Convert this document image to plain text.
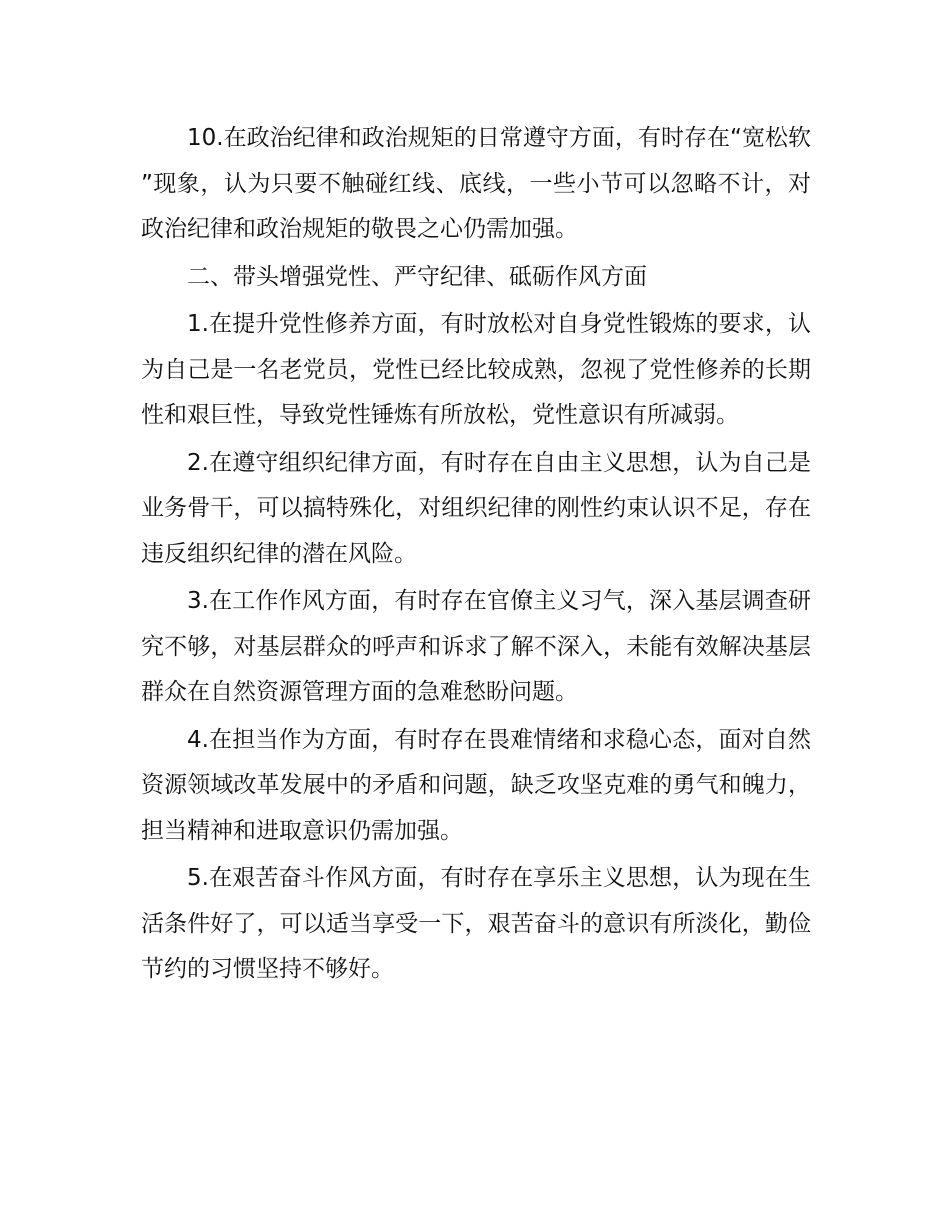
10.在政治纪律和政治规矩的日常遵守方面，有时存在“宽松软”现象，认为只要不触碰红线、底线，一些小节可以忽略不计，对政治纪律和政治规矩的敬畏之心仍需加强。

二、带头增强党性、严守纪律、砥砺作风方面

1.在提升党性修养方面，有时放松对自身党性锻炼的要求，认为自己是一名老党员，党性已经比较成熟，忽视了党性修养的长期性和艰巨性，导致党性锤炼有所放松，党性意识有所减弱。

2.在遵守组织纪律方面，有时存在自由主义思想，认为自己是业务骨干，可以搞特殊化，对组织纪律的刚性约束认识不足，存在违反组织纪律的潜在风险。

3.在工作作风方面，有时存在官僚主义习气，深入基层调查研究不够，对基层群众的呼声和诉求了解不深入，未能有效解决基层群众在自然资源管理方面的急难愁盼问题。

4.在担当作为方面，有时存在畏难情绪和求稳心态，面对自然资源领域改革发展中的矛盾和问题，缺乏攻坚克难的勇气和魄力，担当精神和进取意识仍需加强。

5.在艰苦奋斗作风方面，有时存在享乐主义思想，认为现在生活条件好了，可以适当享受一下，艰苦奋斗的意识有所淡化，勤俭节约的习惯坚持不够好。
